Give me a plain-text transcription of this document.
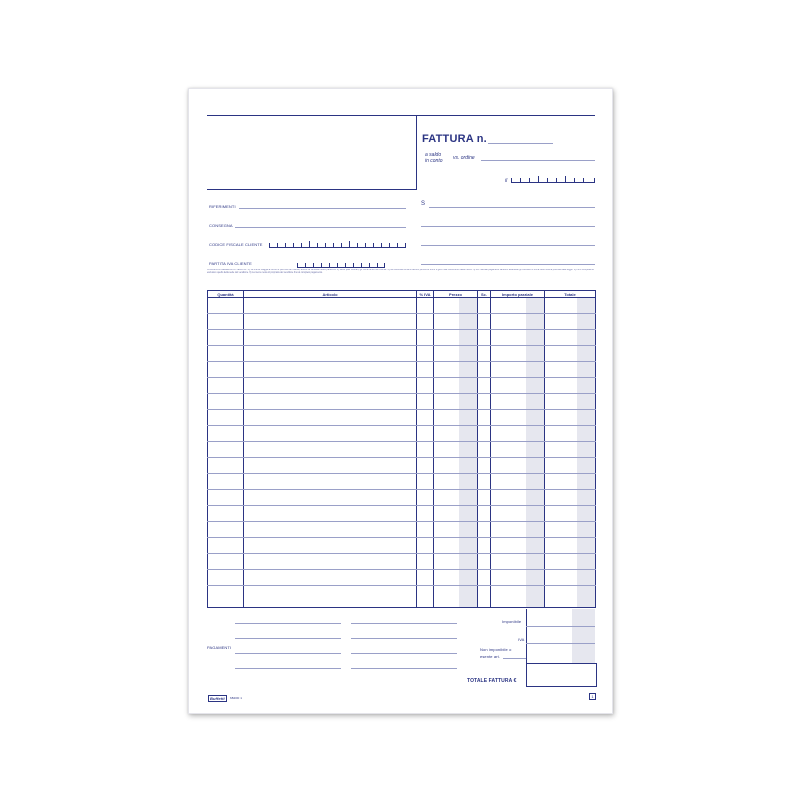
FATTURA n.
a saldo
in conto vs. ordine
il
RIFERIMENTI
CONSEGNA
CODICE FISCALE CLIENTE
PARTITA IVA CLIENTE
S
CONDIZIONI GENERALI DI VENDITA - 1) La merce viaggia a rischio e pericolo del Cliente, anche se venduta franco partenza. 2) Salvo patti contrari, gli IVA a carico del Cliente. 3) Gli eventuali reclami devono pervenire entro 8 giorni dal ricevimento della merce. 4) Per ritardati pagamenti saranno addebitati gli interessi di mora nella misura prevista dalla legge. 5) Foro competente esclusivo quello della sede del venditore. 6) La merce resta di proprietà del venditore fino al completo pagamento.
Quantità	Articolo	% IVA	Prezzo	Sc.	Importo parziale	Totale
PAGAMENTI
Imponibile
IVA
Non imponibile o
esente art.
TOTALE FATTURA €
Buffetti	6820D 1	1
